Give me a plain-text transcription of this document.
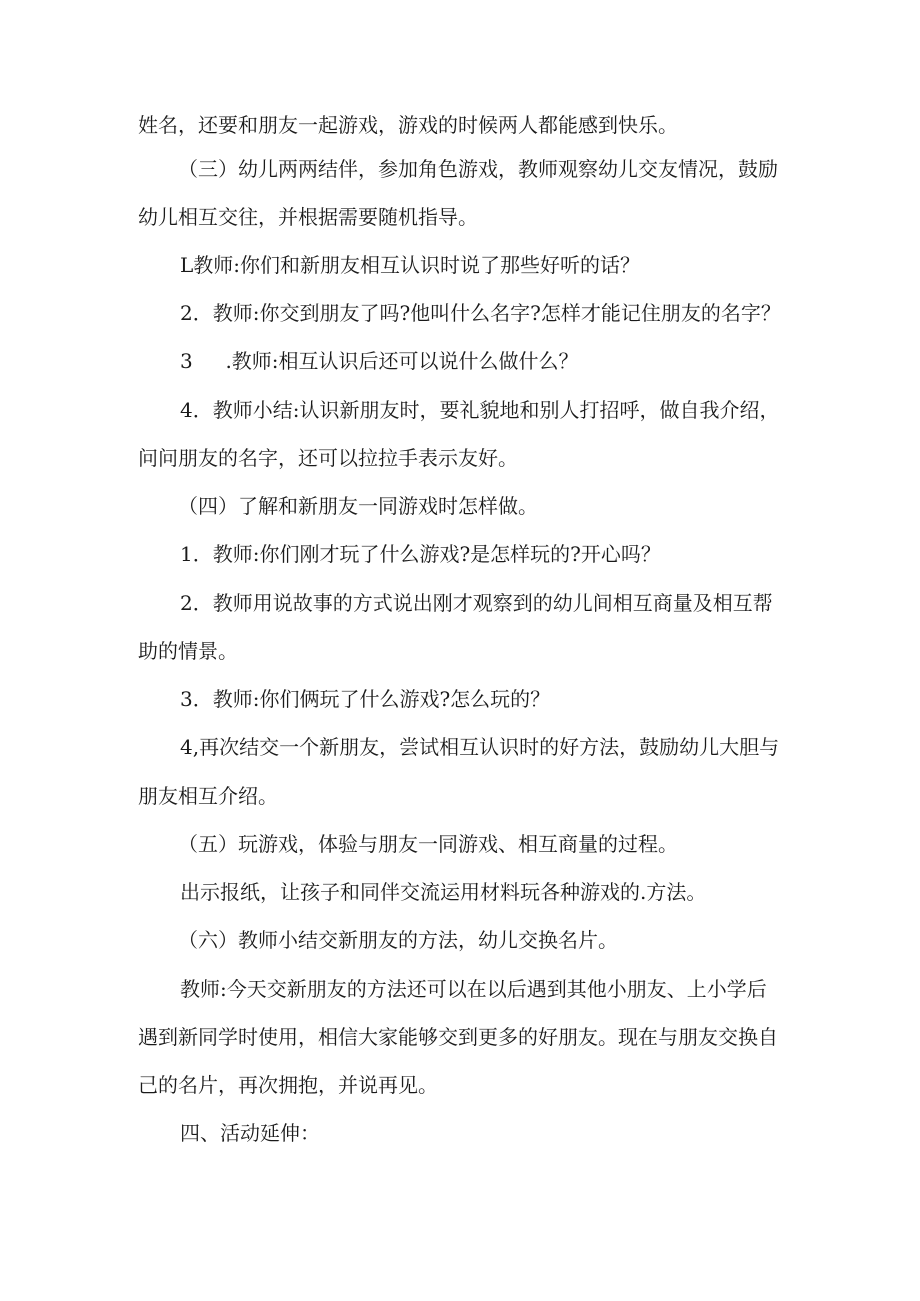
姓名，还要和朋友一起游戏，游戏的时候两人都能感到快乐。
（三）幼儿两两结伴，参加角色游戏，教师观察幼儿交友情况，鼓励
幼儿相互交往，并根据需要随机指导。
L教师:你们和新朋友相互认识时说了那些好听的话？
2．教师:你交到朋友了吗?他叫什么名字?怎样才能记住朋友的名字？
3 　 .教师:相互认识后还可以说什么做什么？
4．教师小结:认识新朋友时，要礼貌地和别人打招呼，做自我介绍，
问问朋友的名字，还可以拉拉手表示友好。
（四）了解和新朋友一同游戏时怎样做。
1．教师:你们刚才玩了什么游戏?是怎样玩的?开心吗？
2．教师用说故事的方式说出刚才观察到的幼儿间相互商量及相互帮
助的情景。
3．教师:你们俩玩了什么游戏?怎么玩的？
4,再次结交一个新朋友，尝试相互认识时的好方法，鼓励幼儿大胆与
朋友相互介绍。
（五）玩游戏，体验与朋友一同游戏、相互商量的过程。
出示报纸，让孩子和同伴交流运用材料玩各种游戏的.方法。
（六）教师小结交新朋友的方法，幼儿交换名片。
教师:今天交新朋友的方法还可以在以后遇到其他小朋友、上小学后
遇到新同学时使用，相信大家能够交到更多的好朋友。现在与朋友交换自
己的名片，再次拥抱，并说再见。
四、活动延伸：
